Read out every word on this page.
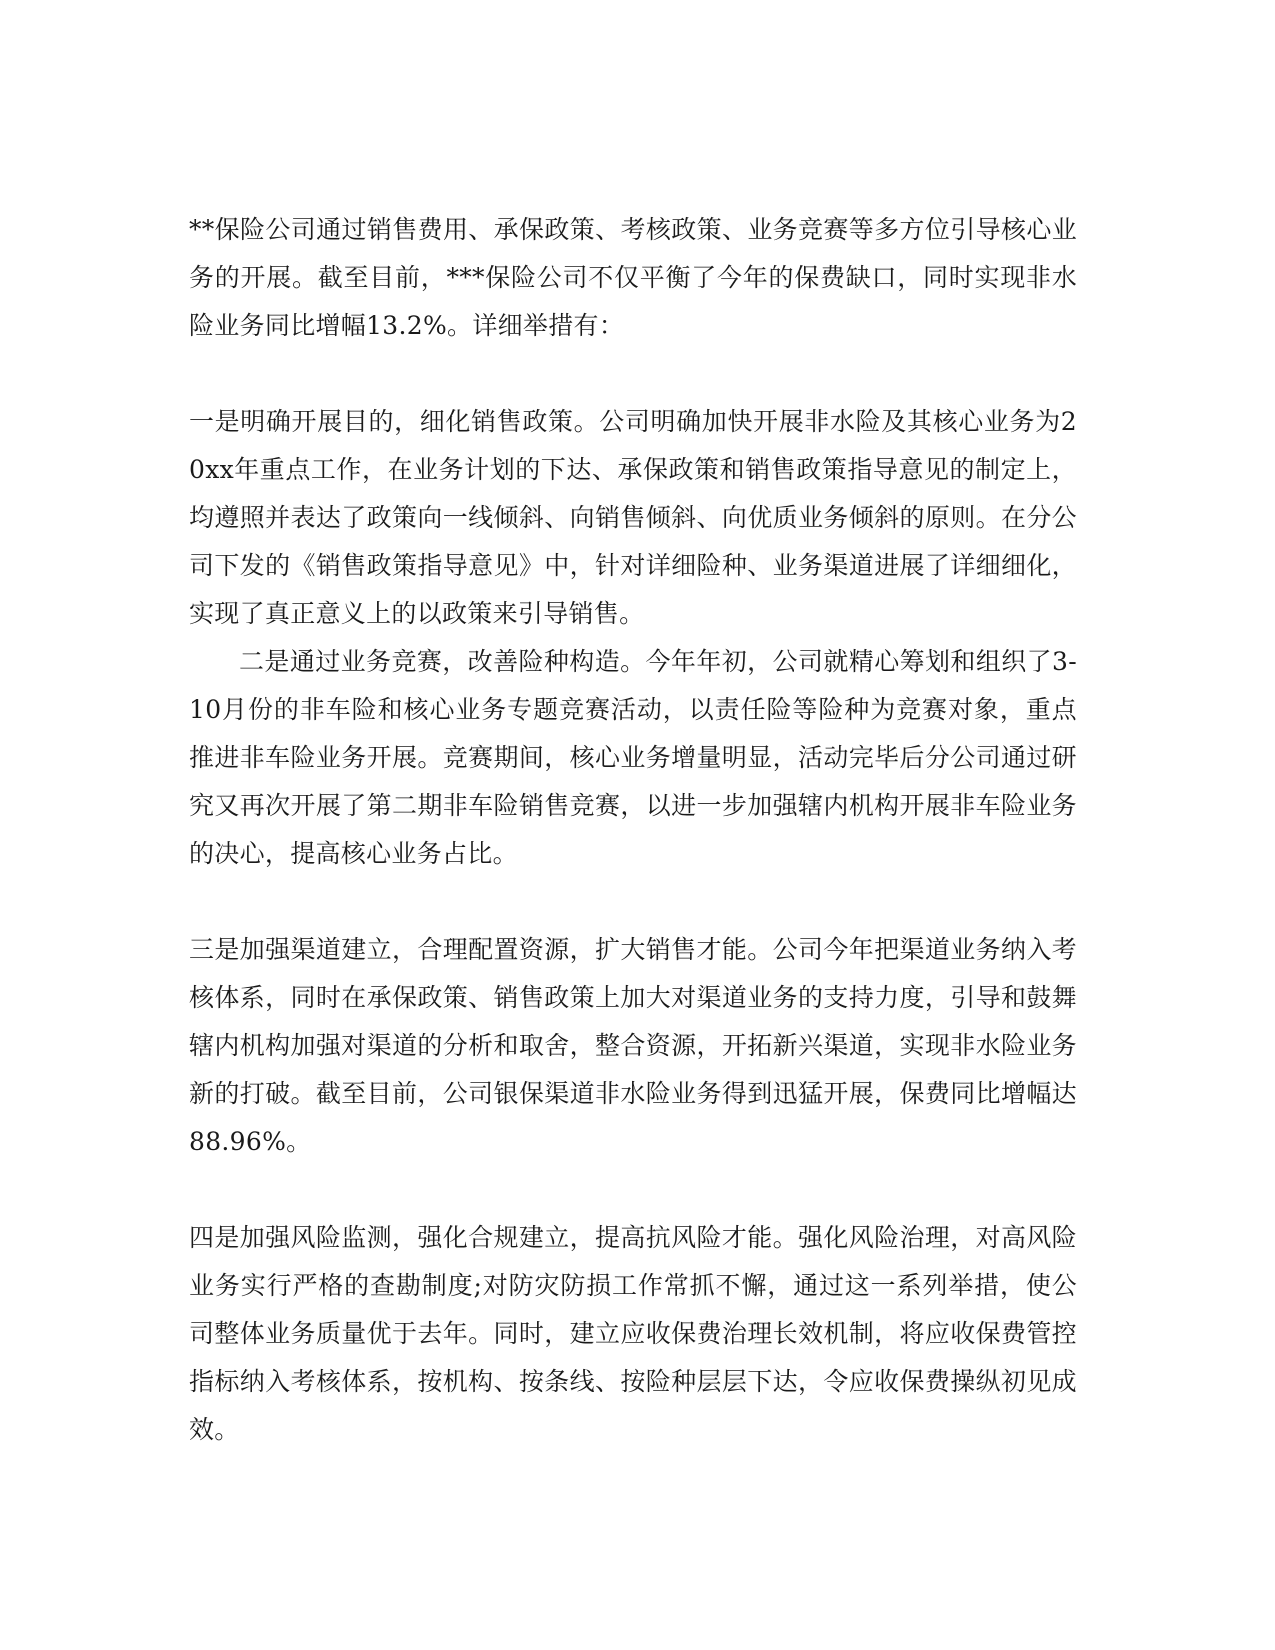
**保险公司通过销售费用、承保政策、考核政策、业务竞赛等多方位引导核心业务的开展。截至目前，***保险公司不仅平衡了今年的保费缺口，同时实现非水险业务同比增幅13.2%。详细举措有：

一是明确开展目的，细化销售政策。公司明确加快开展非水险及其核心业务为20xx年重点工作，在业务计划的下达、承保政策和销售政策指导意见的制定上，均遵照并表达了政策向一线倾斜、向销售倾斜、向优质业务倾斜的原则。在分公司下发的《销售政策指导意见》中，针对详细险种、业务渠道进展了详细细化，实现了真正意义上的以政策来引导销售。

二是通过业务竞赛，改善险种构造。今年年初，公司就精心筹划和组织了3-10月份的非车险和核心业务专题竞赛活动，以责任险等险种为竞赛对象，重点推进非车险业务开展。竞赛期间，核心业务增量明显，活动完毕后分公司通过研究又再次开展了第二期非车险销售竞赛，以进一步加强辖内机构开展非车险业务的决心，提高核心业务占比。

三是加强渠道建立，合理配置资源，扩大销售才能。公司今年把渠道业务纳入考核体系，同时在承保政策、销售政策上加大对渠道业务的支持力度，引导和鼓舞辖内机构加强对渠道的分析和取舍，整合资源，开拓新兴渠道，实现非水险业务新的打破。截至目前，公司银保渠道非水险业务得到迅猛开展，保费同比增幅达88.96%。

四是加强风险监测，强化合规建立，提高抗风险才能。强化风险治理，对高风险业务实行严格的查勘制度;对防灾防损工作常抓不懈，通过这一系列举措，使公司整体业务质量优于去年。同时，建立应收保费治理长效机制，将应收保费管控指标纳入考核体系，按机构、按条线、按险种层层下达，令应收保费操纵初见成效。
